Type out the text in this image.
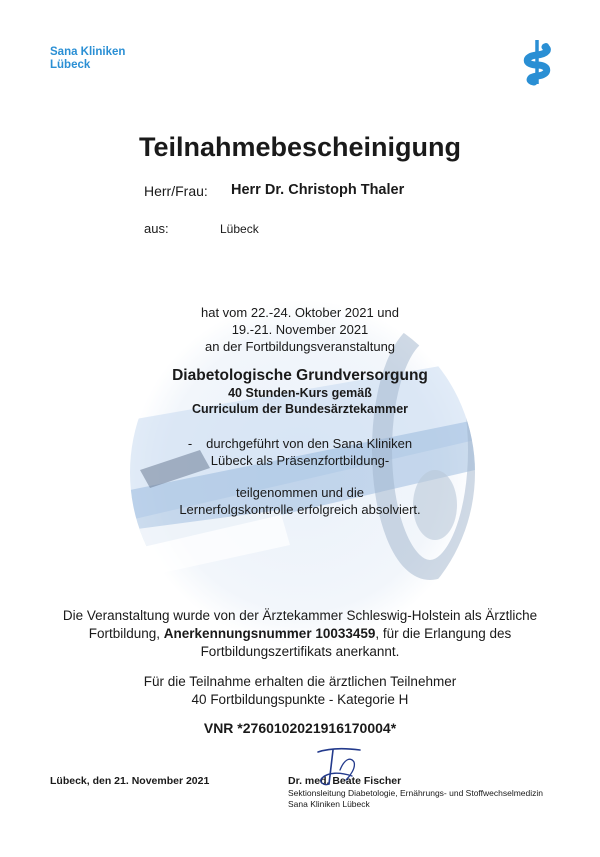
Sana Kliniken
Lübeck
Teilnahmebescheinigung
Herr/Frau: Herr Dr. Christoph Thaler
aus:	Lübeck
hat vom 22.-24. Oktober 2021 und
19.-21. November 2021
an der Fortbildungsveranstaltung
Diabetologische Grundversorgung
40 Stunden-Kurs gemäß
Curriculum der Bundesärztekammer
- durchgeführt von den Sana Kliniken
Lübeck als Präsenzfortbildung-
teilgenommen und die
Lernerfolgskontrolle erfolgreich absolviert.
Die Veranstaltung wurde von der Ärztekammer Schleswig-Holstein als Ärztliche
Fortbildung, Anerkennungsnummer 10033459, für die Erlangung des
Fortbildungszertifikats anerkannt.
Für die Teilnahme erhalten die ärztlichen Teilnehmer
40 Fortbildungspunkte - Kategorie H
VNR *2760102021916170004*
Lübeck, den 21. November 2021	Dr. med. Beate Fischer
Sektionsleitung Diabetologie, Ernährungs- und Stoffwechselmedizin
Sana Kliniken Lübeck
